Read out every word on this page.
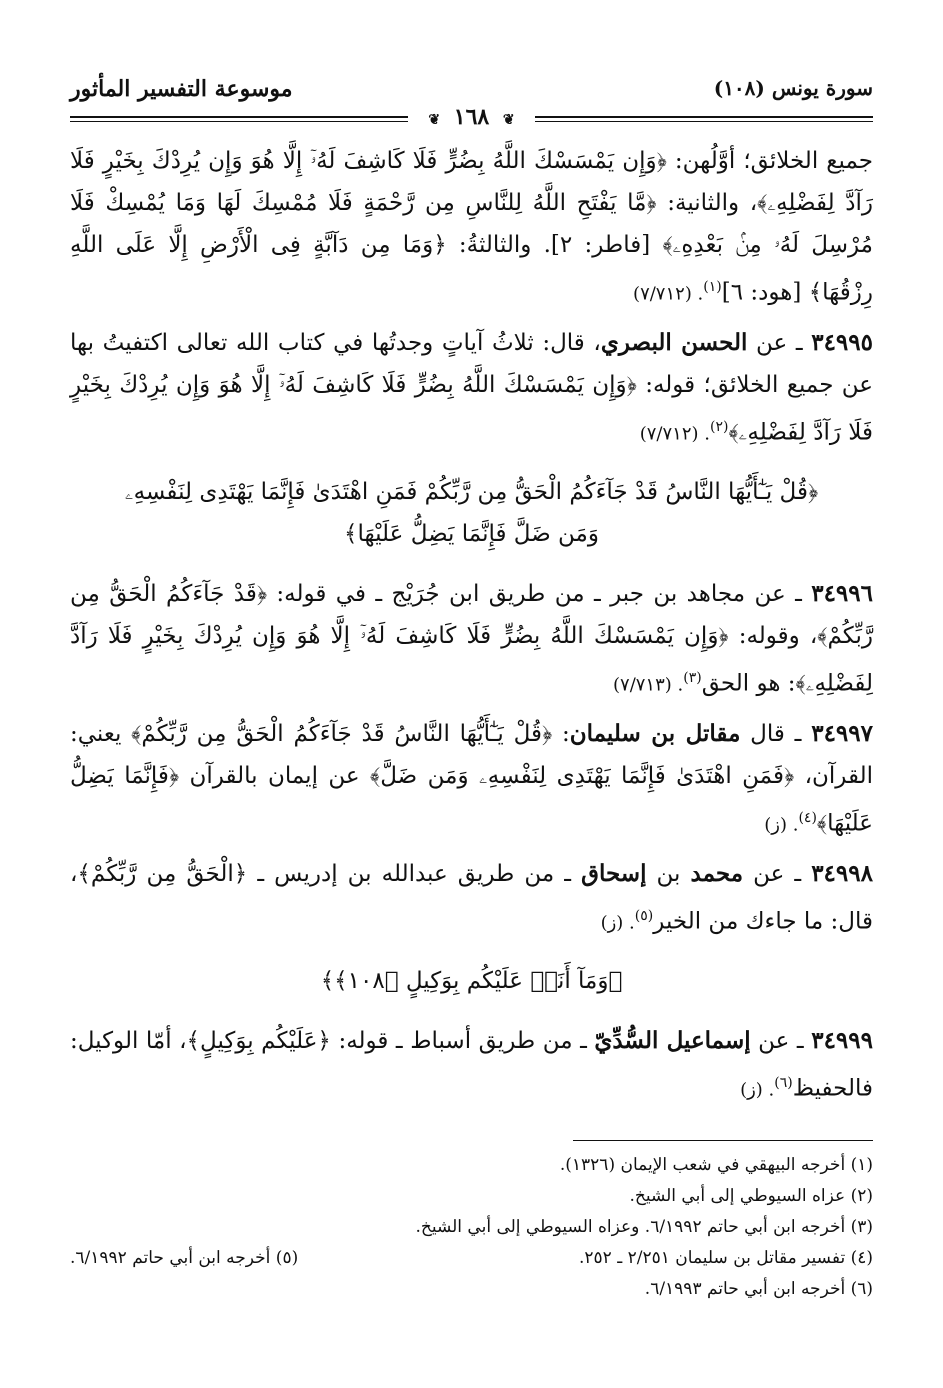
سورة يونس (١٠٨)
موسوعة التفسير المأثور
❦ ١٦٨ ❦

جميع الخلائق؛ أوَّلُهن: ﴿وَإِن يَمْسَسْكَ اللَّهُ بِضُرٍّ فَلَا كَاشِفَ لَهُۥٓ إِلَّا هُوَ وَإِن يُرِدْكَ بِخَيْرٍ فَلَا رَآدَّ لِفَضْلِهِۦ﴾، والثانية: ﴿مَّا يَفْتَحِ اللَّهُ لِلنَّاسِ مِن رَّحْمَةٍ فَلَا مُمْسِكَ لَهَا وَمَا يُمْسِكْ فَلَا مُرْسِلَ لَهُۥ مِنۢ بَعْدِهِۦ﴾ [فاطر: ٢]. والثالثةُ: ﴿وَمَا مِن دَآبَّةٍ فِى الْأَرْضِ إِلَّا عَلَى اللَّهِ رِزْقُهَا﴾ [هود: ٦]$^{(١)}$. (٧/٧١٢)

٣٤٩٩٥ ـ عن الحسن البصري، قال: ثلاثُ آياتٍ وجدتُها في كتاب الله تعالى اكتفيتُ بها عن جميع الخلائق؛ قوله: ﴿وَإِن يَمْسَسْكَ اللَّهُ بِضُرٍّ فَلَا كَاشِفَ لَهُۥٓ إِلَّا هُوَ وَإِن يُرِدْكَ بِخَيْرٍ فَلَا رَآدَّ لِفَضْلِهِۦ﴾$^{(٢)}$. (٧/٧١٢)

﴿قُلْ يَـٰٓأَيُّهَا النَّاسُ قَدْ جَآءَكُمُ الْحَقُّ مِن رَّبِّكُمْ فَمَنِ اهْتَدَىٰ فَإِنَّمَا يَهْتَدِى لِنَفْسِهِۦ
وَمَن ضَلَّ فَإِنَّمَا يَضِلُّ عَلَيْهَا﴾

٣٤٩٩٦ ـ عن مجاهد بن جبر ـ من طريق ابن جُرَيْج ـ في قوله: ﴿قَدْ جَآءَكُمُ الْحَقُّ مِن رَّبِّكُمْ﴾، وقوله: ﴿وَإِن يَمْسَسْكَ اللَّهُ بِضُرٍّ فَلَا كَاشِفَ لَهُۥٓ إِلَّا هُوَ وَإِن يُرِدْكَ بِخَيْرٍ فَلَا رَآدَّ لِفَضْلِهِۦ﴾: هو الحق$^{(٣)}$. (٧/٧١٣)

٣٤٩٩٧ ـ قال مقاتل بن سليمان: ﴿قُلْ يَـٰٓأَيُّهَا النَّاسُ قَدْ جَآءَكُمُ الْحَقُّ مِن رَّبِّكُمْ﴾ يعني: القرآن، ﴿فَمَنِ اهْتَدَىٰ فَإِنَّمَا يَهْتَدِى لِنَفْسِهِۦ وَمَن ضَلَّ﴾ عن إيمان بالقرآن ﴿فَإِنَّمَا يَضِلُّ عَلَيْهَا﴾$^{(٤)}$. (ز)

٣٤٩٩٨ ـ عن محمد بن إسحاق ـ من طريق عبدالله بن إدريس ـ ﴿الْحَقُّ مِن رَّبِّكُمْ﴾، قال: ما جاءك من الخير$^{(٥)}$. (ز)

﴿وَمَآ أَنَا۠ عَلَيْكُم بِوَكِيلٍ ﴿١٠٨﴾﴾

٣٤٩٩٩ ـ عن إسماعيل السُّدِّيّ ـ من طريق أسباط ـ قوله: ﴿عَلَيْكُم بِوَكِيلٍ﴾، أمّا الوكيل: فالحفيظ$^{(٦)}$. (ز)

(١) أخرجه البيهقي في شعب الإيمان (١٣٢٦).
(٢) عزاه السيوطي إلى أبي الشيخ.
(٣) أخرجه ابن أبي حاتم ٦/١٩٩٢. وعزاه السيوطي إلى أبي الشيخ.
(٤) تفسير مقاتل بن سليمان ٢/٢٥١ ـ ٢٥٢.
(٥) أخرجه ابن أبي حاتم ٦/١٩٩٢.
(٦) أخرجه ابن أبي حاتم ٦/١٩٩٣.
